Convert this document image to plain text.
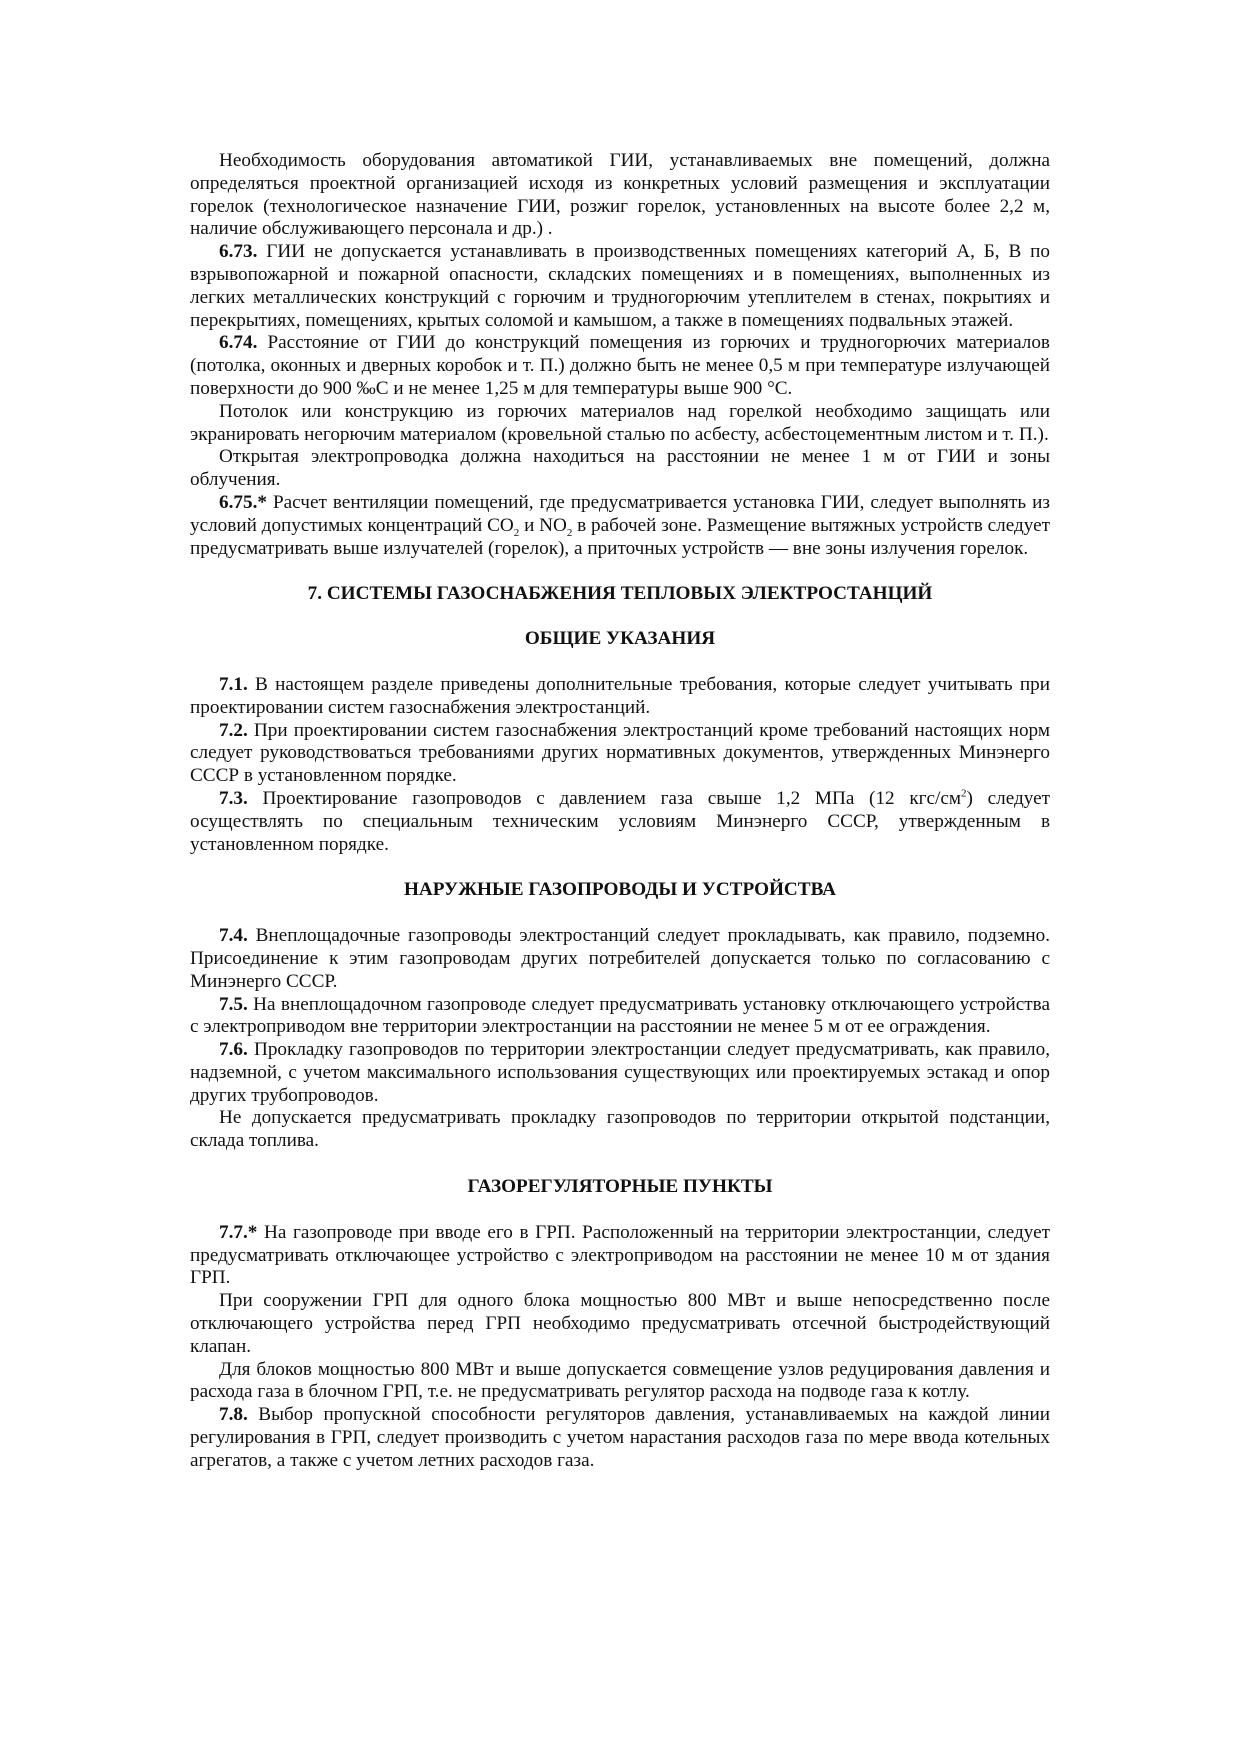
Необходимость оборудования автоматикой ГИИ, устанавливаемых вне помещений, должна определяться проектной организацией исходя из конкретных условий размещения и эксплуатации горелок (технологическое назначение ГИИ, розжиг горелок, установленных на высоте более 2,2 м, наличие обслуживающего персонала и др.) .

6.73. ГИИ не допускается устанавливать в производственных помещениях категорий А, Б, В по взрывопожарной и пожарной опасности, складских помещениях и в помещениях, выполненных из легких металлических конструкций с горючим и трудногорючим утеплителем в стенах, покрытиях и перекрытиях, помещениях, крытых соломой и камышом, а также в помещениях подвальных этажей.

6.74. Расстояние от ГИИ до конструкций помещения из горючих и трудногорючих материалов (потолка, оконных и дверных коробок и т. П.) должно быть не менее 0,5 м при температуре излучающей поверхности до 900 ‰С и не менее 1,25 м для температуры выше 900 °С.

Потолок или конструкцию из горючих материалов над горелкой необходимо защищать или экранировать негорючим материалом (кровельной сталью по асбесту, асбестоцементным листом и т. П.).

Открытая электропроводка должна находиться на расстоянии не менее 1 м от ГИИ и зоны облучения.

6.75.* Расчет вентиляции помещений, где предусматривается установка ГИИ, следует выполнять из условий допустимых концентраций $СО_2$ и $NO_2$ в рабочей зоне. Размещение вытяжных устройств следует предусматривать выше излучателей (горелок), а приточных устройств — вне зоны излучения горелок.

7. СИСТЕМЫ ГАЗОСНАБЖЕНИЯ ТЕПЛОВЫХ ЭЛЕКТРОСТАНЦИЙ

ОБЩИЕ УКАЗАНИЯ

7.1. В настоящем разделе приведены дополнительные требования, которые следует учитывать при проектировании систем газоснабжения электростанций.

7.2. При проектировании систем газоснабжения электростанций кроме требований настоящих норм следует руководствоваться требованиями других нормативных документов, утвержденных Минэнерго СССР в установленном порядке.

7.3. Проектирование газопроводов с давлением газа свыше 1,2 МПа (12 кгс/$см^2$) следует осуществлять по специальным техническим условиям Минэнерго СССР, утвержденным в установленном порядке.

НАРУЖНЫЕ ГАЗОПРОВОДЫ И УСТРОЙСТВА

7.4. Внеплощадочные газопроводы электростанций следует прокладывать, как правило, подземно. Присоединение к этим газопроводам других потребителей допускается только по согласованию с Минэнерго СССР.

7.5. На внеплощадочном газопроводе следует предусматривать установку отключающего устройства с электроприводом вне территории электростанции на расстоянии не менее 5 м от ее ограждения.

7.6. Прокладку газопроводов по территории электростанции следует предусматривать, как правило, надземной, с учетом максимального использования существующих или проектируемых эстакад и опор других трубопроводов.

Не допускается предусматривать прокладку газопроводов по территории открытой подстанции, склада топлива.

ГАЗОРЕГУЛЯТОРНЫЕ ПУНКТЫ

7.7.* На газопроводе при вводе его в ГРП. Расположенный на территории электростанции, следует предусматривать отключающее устройство с электроприводом на расстоянии не менее 10 м от здания ГРП.

При сооружении ГРП для одного блока мощностью 800 МВт и выше непосредственно после отключающего устройства перед ГРП необходимо предусматривать отсечной быстродействующий клапан.

Для блоков мощностью 800 МВт и выше допускается совмещение узлов редуцирования давления и расхода газа в блочном ГРП, т.е. не предусматривать регулятор расхода на подводе газа к котлу.

7.8. Выбор пропускной способности регуляторов давления, устанавливаемых на каждой линии регулирования в ГРП, следует производить с учетом нарастания расходов газа по мере ввода котельных агрегатов, а также с учетом летних расходов газа.
